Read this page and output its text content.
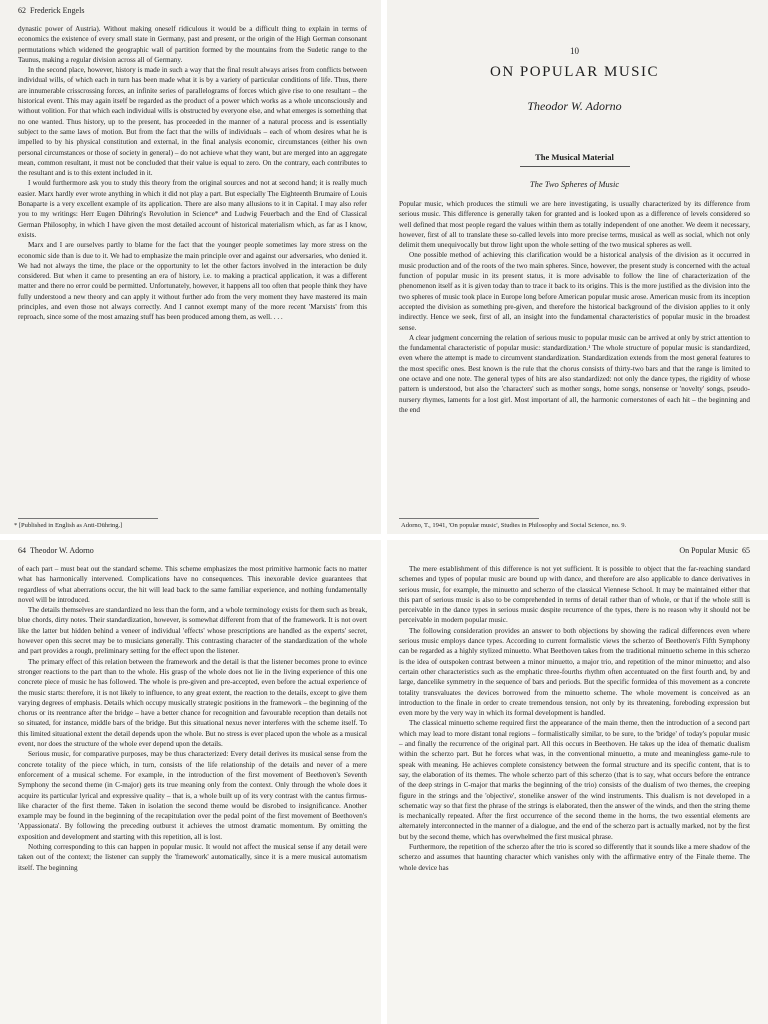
62 Frederick Engels

dynastic power of Austria). Without making oneself ridiculous it would be a difficult thing to explain in terms of economics the existence of every small state in Germany, past and present, or the origin of the High German consonant permutations which widened the geographic wall of partition formed by the mountains from the Sudetic range to the Taunus, making a regular division across all of Germany.

In the second place, however, history is made in such a way that the final result always arises from conflicts between individual wills, of which each in turn has been made what it is by a variety of particular conditions of life. Thus, there are innumerable crisscrossing forces, an infinite series of parallelograms of forces which give rise to one resultant – the historical event. This may again itself be regarded as the product of a power which works as a whole unconsciously and without volition. For that which each individual wills is obstructed by everyone else, and what emerges is something that no one wanted. Thus history, up to the present, has proceeded in the manner of a natural process and is essentially subject to the same laws of motion. But from the fact that the wills of individuals – each of whom desires what he is impelled to by his physical constitution and external, in the final analysis economic, circumstances (either his own personal circumstances or those of society in general) – do not achieve what they want, but are merged into an aggregate mean, common resultant, it must not be concluded that their value is equal to zero. On the contrary, each contributes to the resultant and is to this extent included in it.

I would furthermore ask you to study this theory from the original sources and not at second hand; it is really much easier. Marx hardly ever wrote anything in which it did not play a part. But especially The Eighteenth Brumaire of Louis Bonaparte is a very excellent example of its application. There are also many allusions to it in Capital. I may also refer you to my writings: Herr Eugen Dühring's Revolution in Science* and Ludwig Feuerbach and the End of Classical German Philosophy, in which I have given the most detailed account of historical materialism which, as far as I know, exists.

Marx and I are ourselves partly to blame for the fact that the younger people sometimes lay more stress on the economic side than is due to it. We had to emphasize the main principle over and against our adversaries, who denied it. We had not always the time, the place or the opportunity to let the other factors involved in the interaction be duly considered. But when it came to presenting an era of history, i.e. to making a practical application, it was a different matter and there no error could be permitted. Unfortunately, however, it happens all too often that people think they have fully understood a new theory and can apply it without further ado from the very moment they have mastered its main principles, and even those not always correctly. And I cannot exempt many of the more recent 'Marxists' from this reproach, since some of the most amazing stuff has been produced among them, as well. . . .

* [Published in English as Anti-Dühring.]
10
ON POPULAR MUSIC
Theodor W. Adorno
The Musical Material
The Two Spheres of Music

Popular music, which produces the stimuli we are here investigating, is usually characterized by its difference from serious music. This difference is generally taken for granted and is looked upon as a difference of levels considered so well defined that most people regard the values within them as totally independent of one another. We deem it necessary, however, first of all to translate these so-called levels into more precise terms, musical as well as social, which not only delimit them unequivocally but throw light upon the whole setting of the two musical spheres as well.

One possible method of achieving this clarification would be a historical analysis of the division as it occurred in music production and of the roots of the two main spheres. Since, however, the present study is concerned with the actual function of popular music in its present status, it is more advisable to follow the line of characterization of the phenomenon itself as it is given today than to trace it back to its origins. This is the more justified as the division into the two spheres of music took place in Europe long before American popular music arose. American music from its inception accepted the division as something pre-given, and therefore the historical background of the division applies to it only indirectly. Hence we seek, first of all, an insight into the fundamental characteristics of popular music in the broadest sense.

A clear judgment concerning the relation of serious music to popular music can be arrived at only by strict attention to the fundamental characteristic of popular music: standardization.¹ The whole structure of popular music is standardized, even where the attempt is made to circumvent standardization. Standardization extends from the most general features to the most specific ones. Best known is the rule that the chorus consists of thirty-two bars and that the range is limited to one octave and one note. The general types of hits are also standardized: not only the dance types, the rigidity of whose pattern is understood, but also the 'characters' such as mother songs, home songs, nonsense or 'novelty' songs, pseudo-nursery rhymes, laments for a lost girl. Most important of all, the harmonic cornerstones of each hit – the beginning and the end

Adorno, T., 1941, 'On popular music', Studies in Philosophy and Social Science, no. 9.
64 Theodor W. Adorno

of each part – must beat out the standard scheme. This scheme emphasizes the most primitive harmonic facts no matter what has harmonically intervened. Complications have no consequences. This inexorable device guarantees that regardless of what aberrations occur, the hit will lead back to the same familiar experience, and nothing fundamentally novel will be introduced.

The details themselves are standardized no less than the form, and a whole terminology exists for them such as break, blue chords, dirty notes. Their standardization, however, is somewhat different from that of the framework. It is not overt like the latter but hidden behind a veneer of individual 'effects' whose prescriptions are handled as the experts' secret, however open this secret may be to musicians generally. This contrasting character of the standardization of the whole and part provides a rough, preliminary setting for the effect upon the listener.

The primary effect of this relation between the framework and the detail is that the listener becomes prone to evince stronger reactions to the part than to the whole. His grasp of the whole does not lie in the living experience of this one concrete piece of music he has followed. The whole is pre-given and pre-accepted, even before the actual experience of the music starts: therefore, it is not likely to influence, to any great extent, the reaction to the details, except to give them varying degrees of emphasis. Details which occupy musically strategic positions in the framework – the beginning of the chorus or its reentrance after the bridge – have a better chance for recognition and favourable reception than details not so situated, for instance, middle bars of the bridge. But this situational nexus never interferes with the scheme itself. To this limited situational extent the detail depends upon the whole. But no stress is ever placed upon the whole as a musical event, nor does the structure of the whole ever depend upon the details.

Serious music, for comparative purposes, may be thus characterized: Every detail derives its musical sense from the concrete totality of the piece which, in turn, consists of the life relationship of the details and never of a mere enforcement of a musical scheme. For example, in the introduction of the first movement of Beethoven's Seventh Symphony the second theme (in C-major) gets its true meaning only from the context. Only through the whole does it acquire its particular lyrical and expressive quality – that is, a whole built up of its very contrast with the cantus firmus-like character of the first theme. Taken in isolation the second theme would be disrobed to insignificance. Another example may be found in the beginning of the recapitulation over the pedal point of the first movement of Beethoven's 'Appassionata'. By following the preceding outburst it achieves the utmost dramatic momentum. By omitting the exposition and development and starting with this repetition, all is lost.

Nothing corresponding to this can happen in popular music. It would not affect the musical sense if any detail were taken out of the context; the listener can supply the 'framework' automatically, since it is a mere musical automatism itself. The beginning

On Popular Music 65

The mere establishment of this difference is not yet sufficient. It is possible to object that the far-reaching standard schemes and types of popular music are bound up with dance, and therefore are also applicable to dance derivatives in serious music, for example, the minuetto and scherzo of the classical Viennese School. It may be maintained either that this part of serious music is also to be comprehended in terms of detail rather than of whole, or that if the whole still is perceivable in the dance types in serious music despite recurrence of the types, there is no reason why it should not be perceivable in modern popular music.

The following consideration provides an answer to both objections by showing the radical differences even where serious music employs dance types. According to current formalistic views the scherzo of Beethoven's Fifth Symphony can be regarded as a highly stylized minuetto. What Beethoven takes from the traditional minuetto scheme in this scherzo is the idea of outspoken contrast between a minor minuetto, a major trio, and repetition of the minor minuetto; and also certain other characteristics such as the emphatic three-fourths rhythm often accentuated on the first fourth and, by and large, dancelike symmetry in the sequence of bars and periods. But the specific formidea of this movement as a concrete totality transvaluates the devices borrowed from the minuetto scheme. The whole movement is conceived as an introduction to the finale in order to create tremendous tension, not only by its threatening, foreboding expression but even more by the very way in which its formal development is handled.

The classical minuetto scheme required first the appearance of the main theme, then the introduction of a second part which may lead to more distant tonal regions – formalistically similar, to be sure, to the 'bridge' of today's popular music – and finally the recurrence of the original part. All this occurs in Beethoven. He takes up the idea of thematic dualism within the scherzo part. But he forces what was, in the conventional minuetto, a mute and meaningless game-rule to speak with meaning. He achieves complete consistency between the formal structure and its specific content, that is to say, the elaboration of its themes. The whole scherzo part of this scherzo (that is to say, what occurs before the entrance of the deep strings in C-major that marks the beginning of the trio) consists of the dualism of two themes, the creeping figure in the strings and the 'objective', stonelike answer of the wind instruments. This dualism is not developed in a schematic way so that first the phrase of the strings is elaborated, then the answer of the winds, and then the string theme is mechanically repeated. After the first occurrence of the second theme in the horns, the two essential elements are alternately interconnected in the manner of a dialogue, and the end of the scherzo part is actually marked, not by the first but by the second theme, which has overwhelmed the first musical phrase.

Furthermore, the repetition of the scherzo after the trio is scored so differently that it sounds like a mere shadow of the scherzo and assumes that haunting character which vanishes only with the affirmative entry of the Finale theme. The whole device has
